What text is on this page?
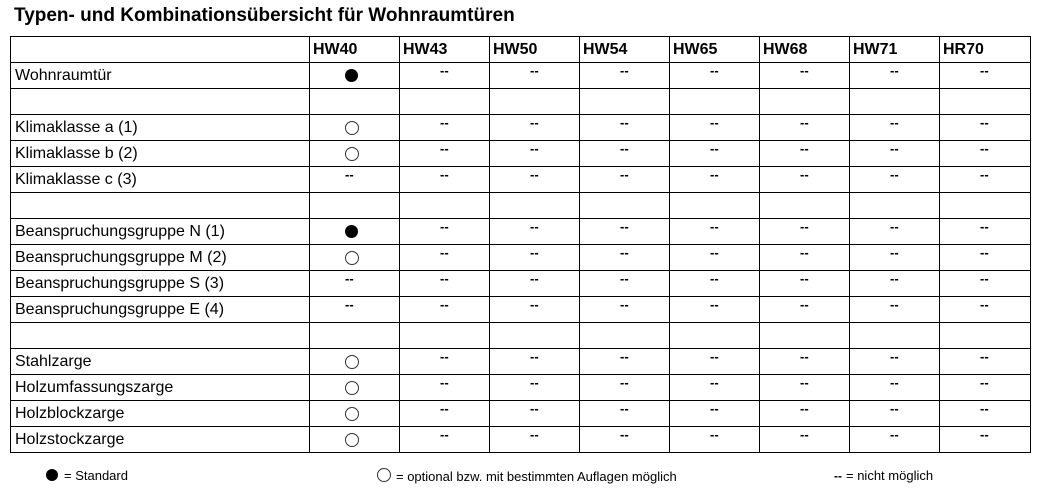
Typen- und Kombinationsübersicht für Wohnraumtüren
	HW40	HW43	HW50	HW54	HW65	HW68	HW71	HR70
Wohnraumtür		--	--	--	--	--	--	--

Klimaklasse a (1)		--	--	--	--	--	--	--
Klimaklasse b (2)		--	--	--	--	--	--	--
Klimaklasse c (3)	--	--	--	--	--	--	--	--

Beanspruchungsgruppe N (1)		--	--	--	--	--	--	--
Beanspruchungsgruppe M (2)		--	--	--	--	--	--	--
Beanspruchungsgruppe S (3)	--	--	--	--	--	--	--	--
Beanspruchungsgruppe E (4)	--	--	--	--	--	--	--	--

Stahlzarge		--	--	--	--	--	--	--
Holzumfassungszarge		--	--	--	--	--	--	--
Holzblockzarge		--	--	--	--	--	--	--
Holzstockzarge		--	--	--	--	--	--	--
= Standard	= optional bzw. mit bestimmten Auflagen möglich	-- = nicht möglich
